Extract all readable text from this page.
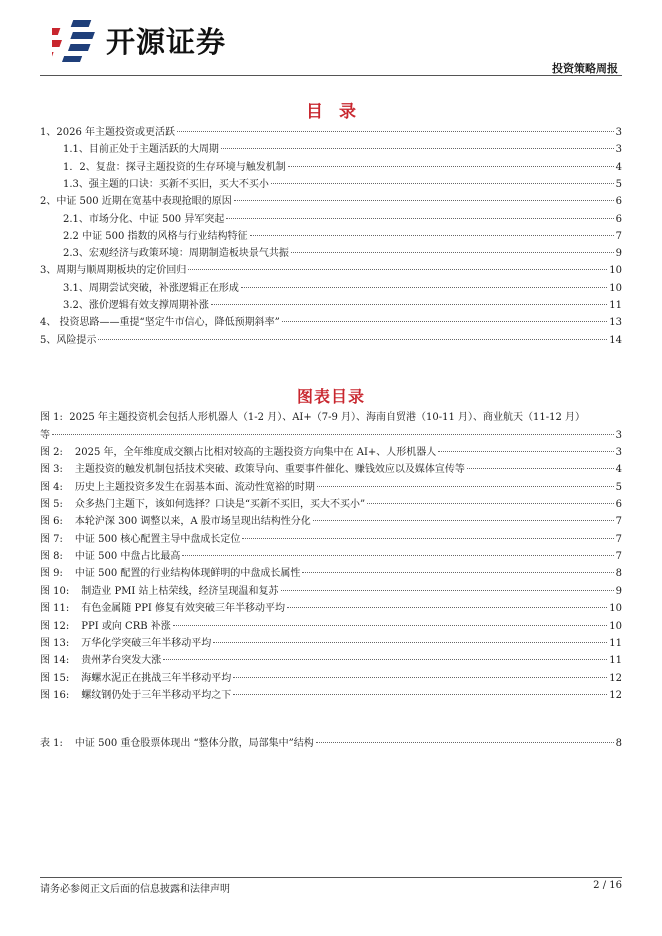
开源证券
投资策略周报
目录
1、2026 年主题投资或更活跃	3
1.1、目前正处于主题活跃的大周期	3
1．2、复盘：探寻主题投资的生存环境与触发机制	4
1.3、强主题的口诀：买新不买旧，买大不买小	5
2、中证 500 近期在宽基中表现抢眼的原因	6
2.1、市场分化、中证 500 异军突起	6
2.2 中证 500 指数的风格与行业结构特征	7
2.3、宏观经济与政策环境：周期制造板块景气共振	9
3、周期与顺周期板块的定价回归	10
3.1、周期尝试突破，补涨逻辑正在形成	10
3.2、涨价逻辑有效支撑周期补涨	11
4、 投资思路——重提“坚定牛市信心，降低预期斜率”	13
5、风险提示	14
图表目录
图 1: 2025 年主题投资机会包括人形机器人（1-2 月）、AI+（7-9 月）、海南自贸港（10-11 月）、商业航天（11-12 月）
等	3
图 2: 2025 年，全年维度成交额占比相对较高的主题投资方向集中在 AI+、人形机器人	3
图 3: 主题投资的触发机制包括技术突破、政策导向、重要事件催化、赚钱效应以及媒体宣传等	4
图 4: 历史上主题投资多发生在弱基本面、流动性宽裕的时期	5
图 5: 众多热门主题下，该如何选择？口诀是“买新不买旧，买大不买小”	6
图 6: 本轮沪深 300 调整以来，A 股市场呈现出结构性分化	7
图 7: 中证 500 核心配置主导中盘成长定位	7
图 8: 中证 500 中盘占比最高	7
图 9: 中证 500 配置的行业结构体现鲜明的中盘成长属性	8
图 10: 制造业 PMI 站上枯荣线，经济呈现温和复苏	9
图 11: 有色金属随 PPI 修复有效突破三年半移动平均	10
图 12: PPI 或向 CRB 补涨	10
图 13: 万华化学突破三年半移动平均	11
图 14: 贵州茅台突发大涨	11
图 15: 海螺水泥正在挑战三年半移动平均	12
图 16: 螺纹钢仍处于三年半移动平均之下	12
表 1: 中证 500 重仓股票体现出 “整体分散，局部集中”结构	8
请务必参阅正文后面的信息披露和法律声明	2 / 16
